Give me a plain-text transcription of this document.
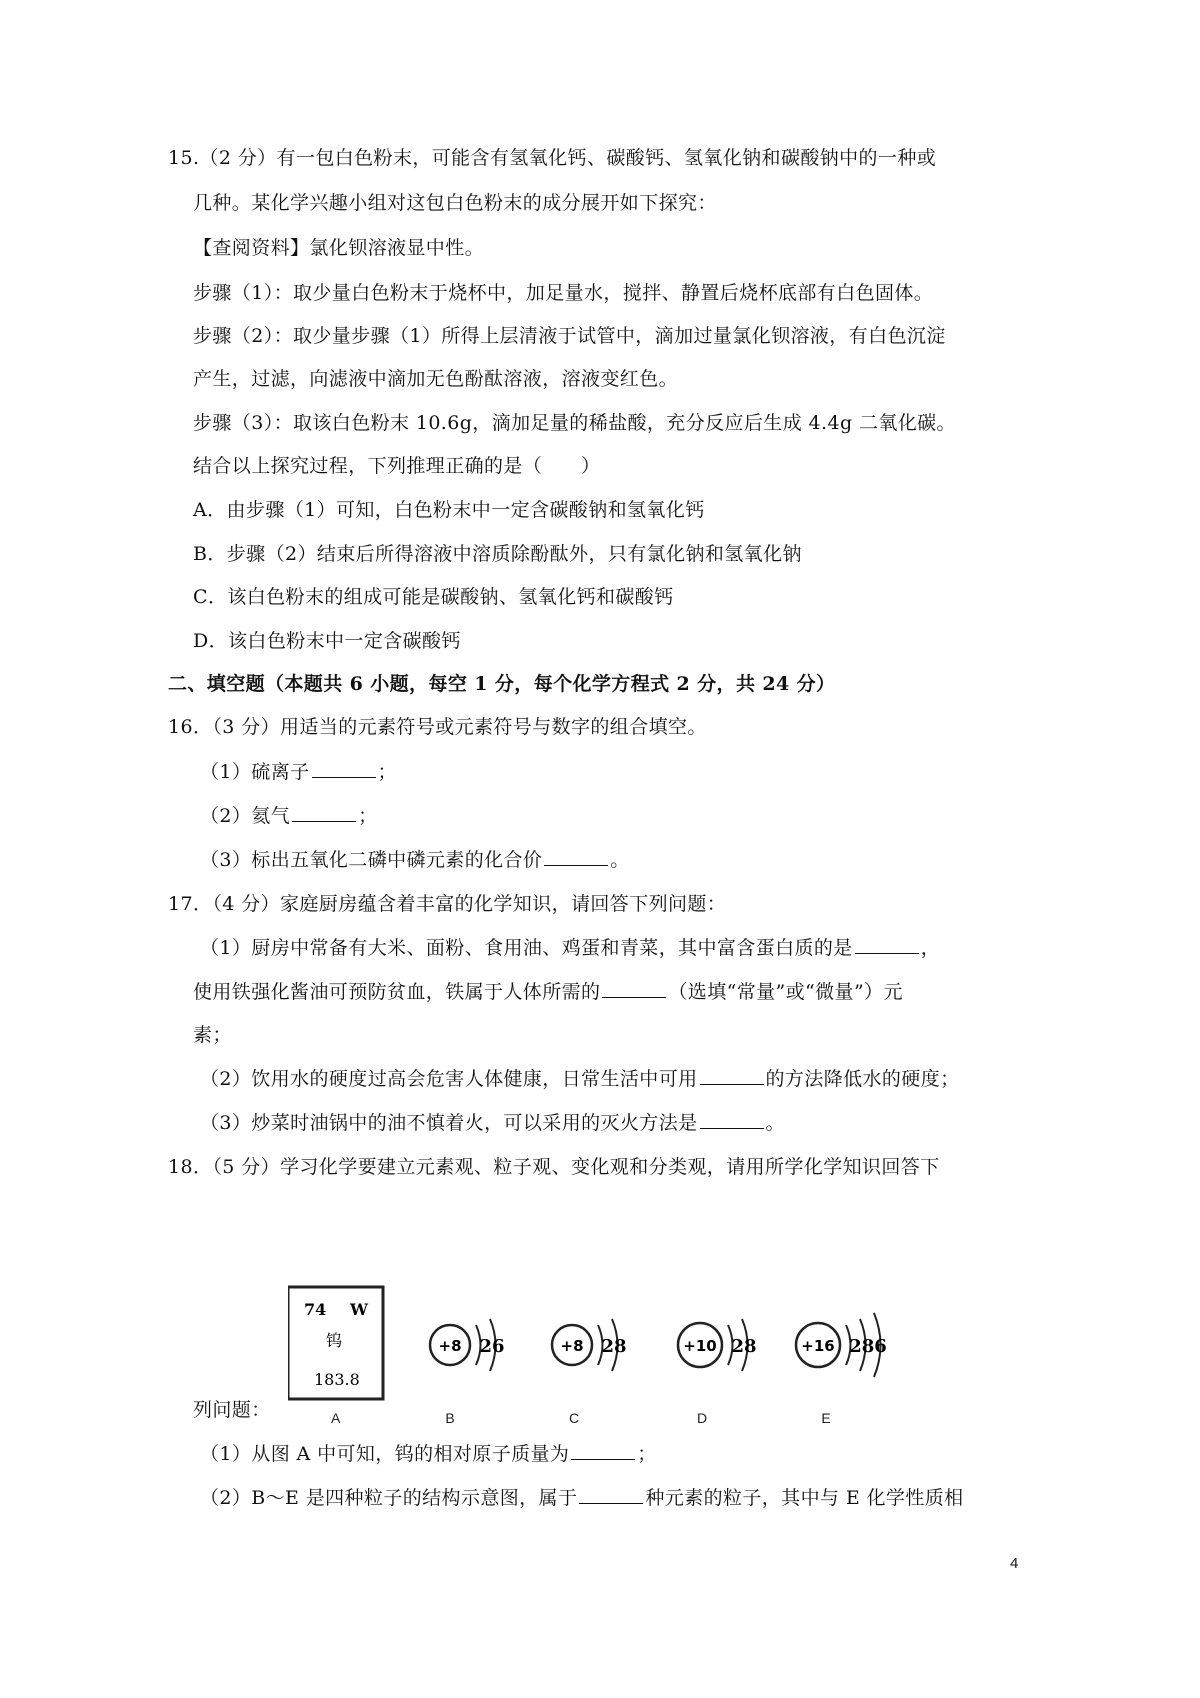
15.（2 分）有一包白色粉末，可能含有氢氧化钙、碳酸钙、氢氧化钠和碳酸钠中的一种或
几种。某化学兴趣小组对这包白色粉末的成分展开如下探究：
【查阅资料】氯化钡溶液显中性。
步骤（1）：取少量白色粉末于烧杯中，加足量水，搅拌、静置后烧杯底部有白色固体。
步骤（2）：取少量步骤（1）所得上层清液于试管中，滴加过量氯化钡溶液，有白色沉淀
产生，过滤，向滤液中滴加无色酚酞溶液，溶液变红色。
步骤（3）：取该白色粉末 10.6g，滴加足量的稀盐酸，充分反应后生成 4.4g 二氧化碳。
结合以上探究过程，下列推理正确的是（　　）
A．由步骤（1）可知，白色粉末中一定含碳酸钠和氢氧化钙
B．步骤（2）结束后所得溶液中溶质除酚酞外，只有氯化钠和氢氧化钠
C．该白色粉末的组成可能是碳酸钠、氢氧化钙和碳酸钙
D．该白色粉末中一定含碳酸钙
二、填空题（本题共 6 小题，每空 1 分，每个化学方程式 2 分，共 24 分）
16．（3 分）用适当的元素符号或元素符号与数字的组合填空。
（1）硫离子	；
（2）氦气	；
（3）标出五氧化二磷中磷元素的化合价	。
17．（4 分）家庭厨房蕴含着丰富的化学知识，请回答下列问题：
（1）厨房中常备有大米、面粉、食用油、鸡蛋和青菜，其中富含蛋白质的是	，
使用铁强化酱油可预防贫血，铁属于人体所需的	（选填“常量”或“微量”）元
素；
（2）饮用水的硬度过高会危害人体健康，日常生活中可用	的方法降低水的硬度；
（3）炒菜时油锅中的油不慎着火，可以采用的灭火方法是	。
18．（5 分）学习化学要建立元素观、粒子观、变化观和分类观，请用所学化学知识回答下
74 W
钨
183.8
A
+8 26
B
+8 28
C
+10 28
D
+16 286
E
列问题：
（1）从图 A 中可知，钨的相对原子质量为	；
（2）B～E 是四种粒子的结构示意图，属于	种元素的粒子，其中与 E 化学性质相
4
